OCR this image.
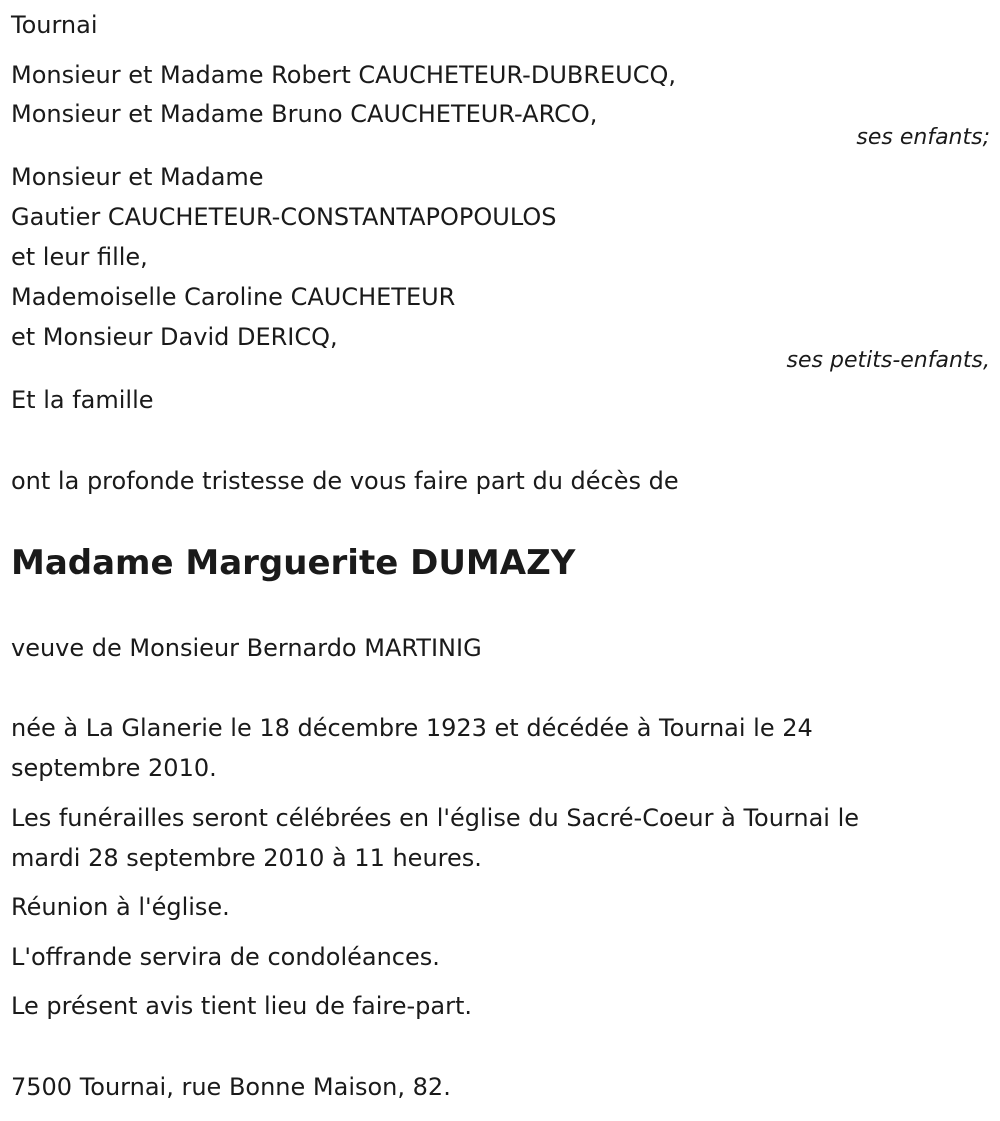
Tournai
Monsieur et Madame Robert CAUCHETEUR-DUBREUCQ,
Monsieur et Madame Bruno CAUCHETEUR-ARCO,
ses enfants;
Monsieur et Madame
Gautier CAUCHETEUR-CONSTANTAPOPOULOS
et leur fille,
Mademoiselle Caroline CAUCHETEUR
et Monsieur David DERICQ,
ses petits-enfants,
Et la famille
ont la profonde tristesse de vous faire part du décès de
Madame Marguerite DUMAZY
veuve de Monsieur Bernardo MARTINIG
née à La Glanerie le 18 décembre 1923 et décédée à Tournai le 24
septembre 2010.
Les funérailles seront célébrées en l'église du Sacré-Coeur à Tournai le
mardi 28 septembre 2010 à 11 heures.
Réunion à l'église.
L'offrande servira de condoléances.
Le présent avis tient lieu de faire-part.
7500 Tournai, rue Bonne Maison, 82.
